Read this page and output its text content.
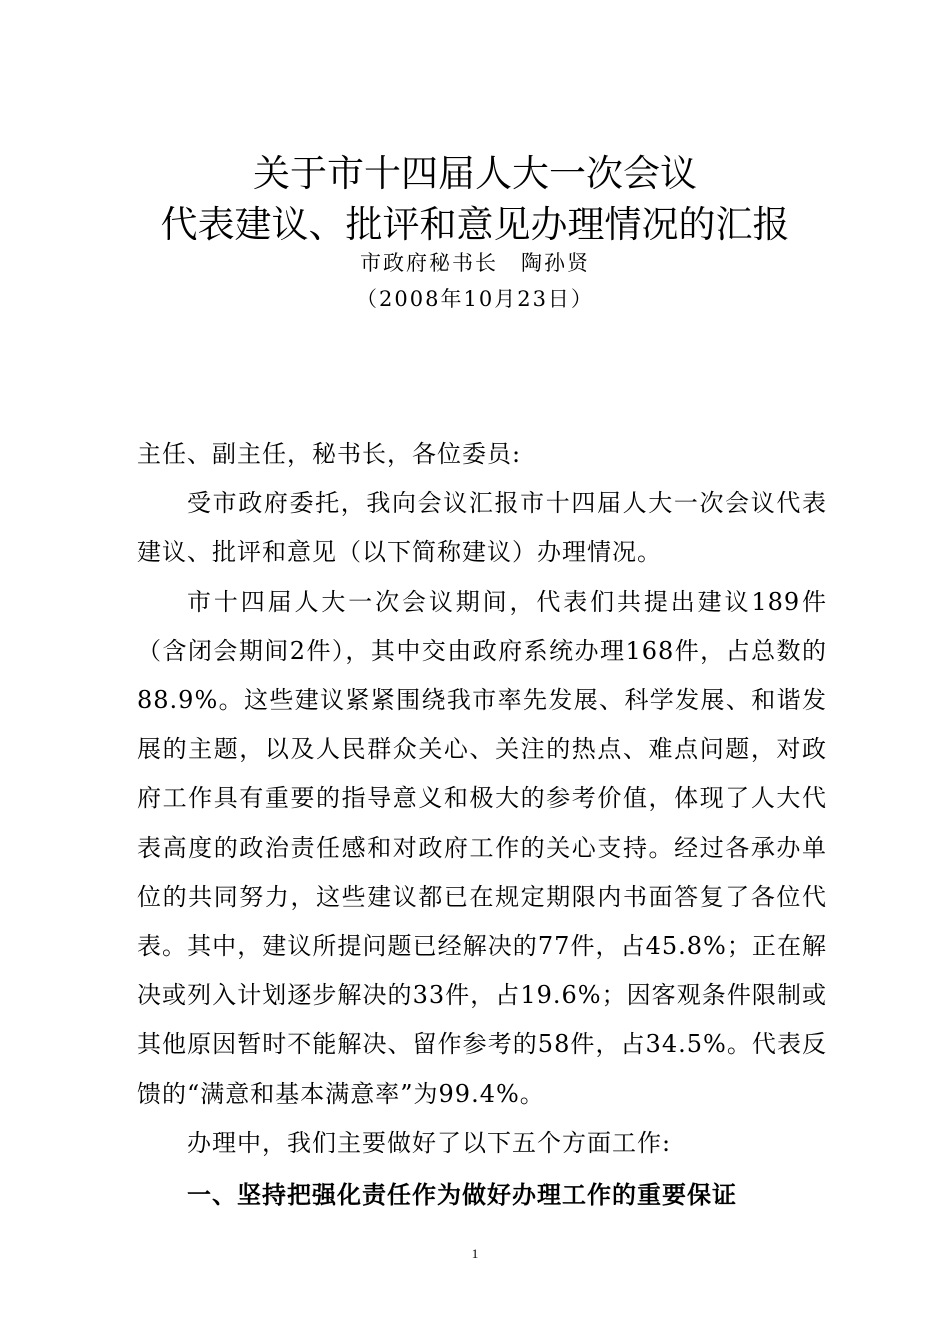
关于市十四届人大一次会议
代表建议、批评和意见办理情况的汇报
市政府秘书长　陶孙贤
（2008年10月23日）

主任、副主任，秘书长，各位委员:

受市政府委托，我向会议汇报市十四届人大一次会议代表建议、批评和意见（以下简称建议）办理情况。

市十四届人大一次会议期间，代表们共提出建议189件（含闭会期间2件），其中交由政府系统办理168件，占总数的88.9%。这些建议紧紧围绕我市率先发展、科学发展、和谐发展的主题，以及人民群众关心、关注的热点、难点问题，对政府工作具有重要的指导意义和极大的参考价值，体现了人大代表高度的政治责任感和对政府工作的关心支持。经过各承办单位的共同努力，这些建议都已在规定期限内书面答复了各位代表。其中，建议所提问题已经解决的77件，占45.8%；正在解决或列入计划逐步解决的33件，占19.6%；因客观条件限制或其他原因暂时不能解决、留作参考的58件，占34.5%。代表反馈的“满意和基本满意率”为99.4%。

办理中，我们主要做好了以下五个方面工作:

一、坚持把强化责任作为做好办理工作的重要保证

1
